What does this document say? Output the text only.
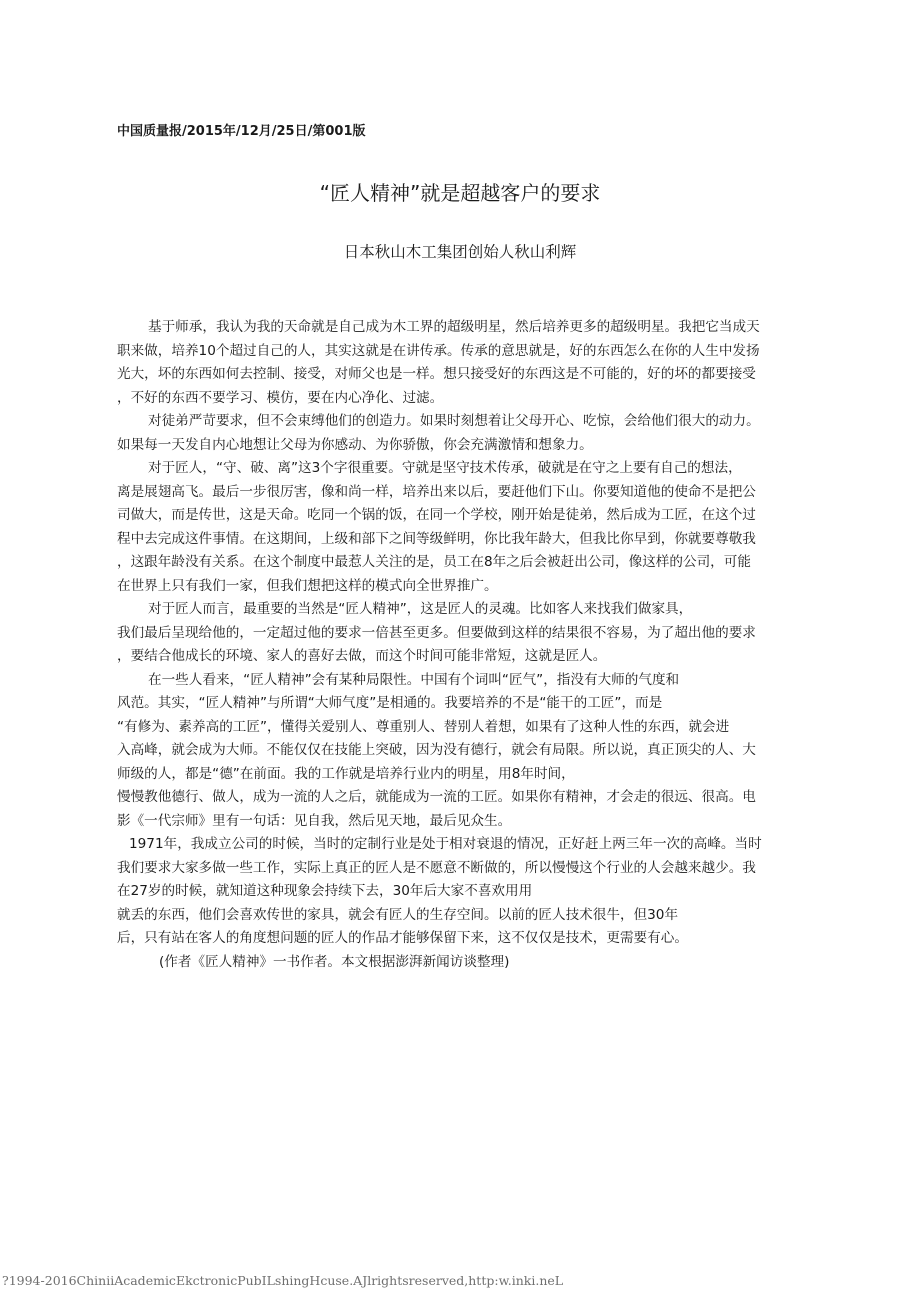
中国质量报/2015年/12月/25日/第001版
“匠人精神”就是超越客户的要求
日本秋山木工集团创始人秋山利辉
基于师承，我认为我的天命就是自己成为木工界的超级明星，然后培养更多的超级明星。我把它当成天
职来做，培养10个超过自己的人，其实这就是在讲传承。传承的意思就是，好的东西怎么在你的人生中发扬
光大，坏的东西如何去控制、接受，对师父也是一样。想只接受好的东西这是不可能的，好的坏的都要接受
，不好的东西不要学习、模仿，要在内心净化、过滤。
对徒弟严苛要求，但不会束缚他们的创造力。如果时刻想着让父母开心、吃惊，会给他们很大的动力。
如果每一天发自内心地想让父母为你感动、为你骄傲，你会充满激情和想象力。
对于匠人，“守、破、离”这3个字很重要。守就是坚守技术传承，破就是在守之上要有自己的想法，
离是展翅高飞。最后一步很厉害，像和尚一样，培养出来以后，要赶他们下山。你要知道他的使命不是把公
司做大，而是传世，这是天命。吃同一个锅的饭，在同一个学校，刚开始是徒弟，然后成为工匠，在这个过
程中去完成这件事情。在这期间，上级和部下之间等级鲜明，你比我年龄大，但我比你早到，你就要尊敬我
，这跟年龄没有关系。在这个制度中最惹人关注的是，员工在8年之后会被赶出公司，像这样的公司，可能
在世界上只有我们一家，但我们想把这样的模式向全世界推广。
对于匠人而言，最重要的当然是“匠人精神”，这是匠人的灵魂。比如客人来找我们做家具，
我们最后呈现给他的，一定超过他的要求一倍甚至更多。但要做到这样的结果很不容易，为了超出他的要求
，要结合他成长的环境、家人的喜好去做，而这个时间可能非常短，这就是匠人。
在一些人看来，“匠人精神”会有某种局限性。中国有个词叫“匠气”，指没有大师的气度和
风范。其实，“匠人精神”与所谓“大师气度”是相通的。我要培养的不是“能干的工匠”，而是
“有修为、素养高的工匠”，懂得关爱别人、尊重别人、替别人着想，如果有了这种人性的东西，就会进
入高峰，就会成为大师。不能仅仅在技能上突破，因为没有德行，就会有局限。所以说，真正顶尖的人、大
师级的人，都是“德”在前面。我的工作就是培养行业内的明星，用8年时间，
慢慢教他德行、做人，成为一流的人之后，就能成为一流的工匠。如果你有精神，才会走的很远、很高。电
影《一代宗师》里有一句话：见自我，然后见天地，最后见众生。
1971年，我成立公司的时候，当时的定制行业是处于相对衰退的情况，正好赶上两三年一次的高峰。当时
我们要求大家多做一些工作，实际上真正的匠人是不愿意不断做的，所以慢慢这个行业的人会越来越少。我
在27岁的时候，就知道这种现象会持续下去，30年后大家不喜欢用用
就丢的东西，他们会喜欢传世的家具，就会有匠人的生存空间。以前的匠人技术很牛，但30年
后，只有站在客人的角度想问题的匠人的作品才能够保留下来，这不仅仅是技术，更需要有心。
(作者《匠人精神》一书作者。本文根据澎湃新闻访谈整理)
?1994-2016ChiniiAcademicEkctronicPubILshingHcuse.AJlrightsreserved,http:w.inki.neL
